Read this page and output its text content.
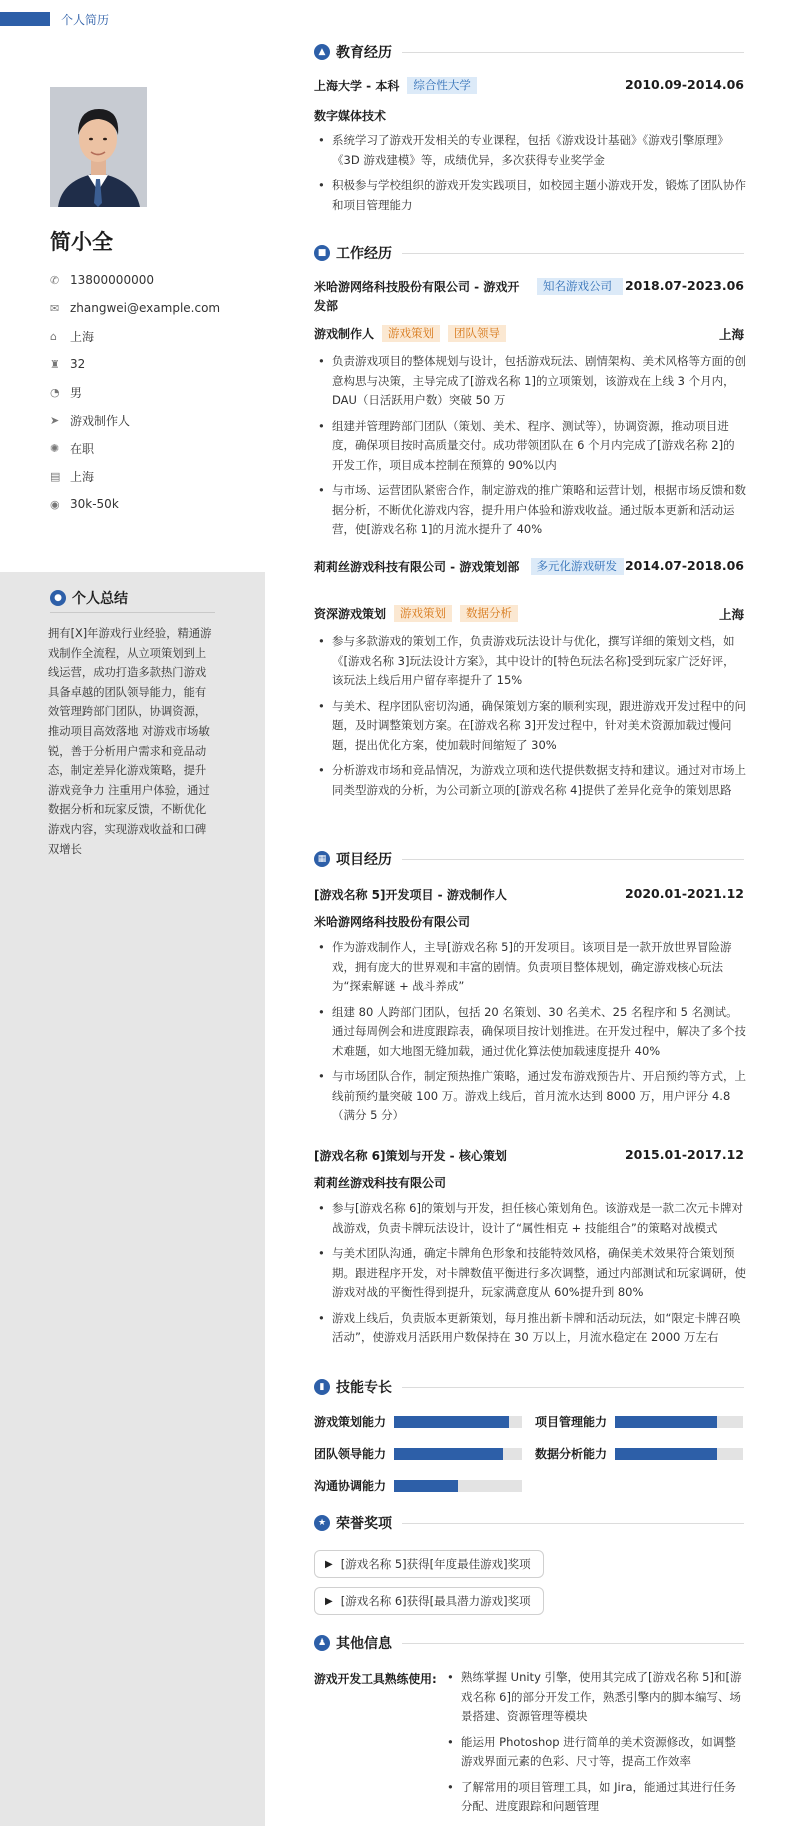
个人简历
简小全
✆ 13800000000
✉ zhangwei@example.com
⌂	上海
♜ 32
◔ 男
➤ 游戏制作人
✺ 在职
▤ 上海
◉ 30k-50k
● 个人总结
拥有[X]年游戏行业经验，精通游戏制作全流程，从立项策划到上线运营，成功打造多款热门游戏 具备卓越的团队领导能力，能有效管理跨部门团队，协调资源，推动项目高效落地 对游戏市场敏锐，善于分析用户需求和竞品动态，制定差异化游戏策略，提升游戏竞争力 注重用户体验，通过数据分析和玩家反馈，不断优化游戏内容，实现游戏收益和口碑双增长
▲ 教育经历
上海大学 - 本科	综合性大学	2010.09-2014.06
数字媒体技术
• 系统学习了游戏开发相关的专业课程，包括《游戏设计基础》《游戏引擎原理》《3D 游戏建模》等，成绩优异，多次获得专业奖学金
• 积极参与学校组织的游戏开发实践项目，如校园主题小游戏开发，锻炼了团队协作和项目管理能力
■ 工作经历
米哈游网络科技股份有限公司 - 游戏开发部
知名游戏公司	2018.07-2023.06
游戏制作人	游戏策划	团队领导	上海
• 负责游戏项目的整体规划与设计，包括游戏玩法、剧情架构、美术风格等方面的创意构思与决策，主导完成了[游戏名称 1]的立项策划，该游戏在上线 3 个月内，DAU（日活跃用户数）突破 50 万
• 组建并管理跨部门团队（策划、美术、程序、测试等），协调资源，推动项目进度，确保项目按时高质量交付。成功带领团队在 6 个月内完成了[游戏名称 2]的开发工作，项目成本控制在预算的 90%以内
• 与市场、运营团队紧密合作，制定游戏的推广策略和运营计划，根据市场反馈和数据分析，不断优化游戏内容，提升用户体验和游戏收益。通过版本更新和活动运营，使[游戏名称 1]的月流水提升了 40%
莉莉丝游戏科技有限公司 - 游戏策划部	多元化游戏研发 2014.07-2018.06
资深游戏策划	游戏策划	数据分析	上海
• 参与多款游戏的策划工作，负责游戏玩法设计与优化，撰写详细的策划文档，如《[游戏名称 3]玩法设计方案》，其中设计的[特色玩法名称]受到玩家广泛好评，该玩法上线后用户留存率提升了 15%
• 与美术、程序团队密切沟通，确保策划方案的顺利实现，跟进游戏开发过程中的问题，及时调整策划方案。在[游戏名称 3]开发过程中，针对美术资源加载过慢问题，提出优化方案，使加载时间缩短了 30%
• 分析游戏市场和竞品情况，为游戏立项和迭代提供数据支持和建议。通过对市场上同类型游戏的分析，为公司新立项的[游戏名称 4]提供了差异化竞争的策划思路
▦ 项目经历
[游戏名称 5]开发项目 - 游戏制作人	2020.01-2021.12
米哈游网络科技股份有限公司
• 作为游戏制作人，主导[游戏名称 5]的开发项目。该项目是一款开放世界冒险游戏，拥有庞大的世界观和丰富的剧情。负责项目整体规划，确定游戏核心玩法为“探索解谜 + 战斗养成”
• 组建 80 人跨部门团队，包括 20 名策划、30 名美术、25 名程序和 5 名测试。通过每周例会和进度跟踪表，确保项目按计划推进。在开发过程中，解决了多个技术难题，如大地图无缝加载，通过优化算法使加载速度提升 40%
• 与市场团队合作，制定预热推广策略，通过发布游戏预告片、开启预约等方式，上线前预约量突破 100 万。游戏上线后，首月流水达到 8000 万，用户评分 4.8（满分 5 分）
[游戏名称 6]策划与开发 - 核心策划	2015.01-2017.12
莉莉丝游戏科技有限公司
• 参与[游戏名称 6]的策划与开发，担任核心策划角色。该游戏是一款二次元卡牌对战游戏，负责卡牌玩法设计，设计了“属性相克 + 技能组合”的策略对战模式
• 与美术团队沟通，确定卡牌角色形象和技能特效风格，确保美术效果符合策划预期。跟进程序开发，对卡牌数值平衡进行多次调整，通过内部测试和玩家调研，使游戏对战的平衡性得到提升，玩家满意度从 60%提升到 80%
• 游戏上线后，负责版本更新策划，每月推出新卡牌和活动玩法，如“限定卡牌召唤活动”，使游戏月活跃用户数保持在 30 万以上，月流水稳定在 2000 万左右
▮ 技能专长
游戏策划能力	项目管理能力
团队领导能力	数据分析能力
沟通协调能力
★ 荣誉奖项
▶ [游戏名称 5]获得[年度最佳游戏]奖项
▶ [游戏名称 6]获得[最具潜力游戏]奖项
♟ 其他信息
游戏开发工具熟练使用:
•	熟练掌握 Unity 引擎，使用其完成了[游戏名称 5]和[游戏名称 6]的部分开发工作，熟悉引擎内的脚本编写、场景搭建、资源管理等模块
• 能运用 Photoshop 进行简单的美术资源修改，如调整游戏界面元素的色彩、尺寸等，提高工作效率
• 了解常用的项目管理工具，如 Jira，能通过其进行任务分配、进度跟踪和问题管理
